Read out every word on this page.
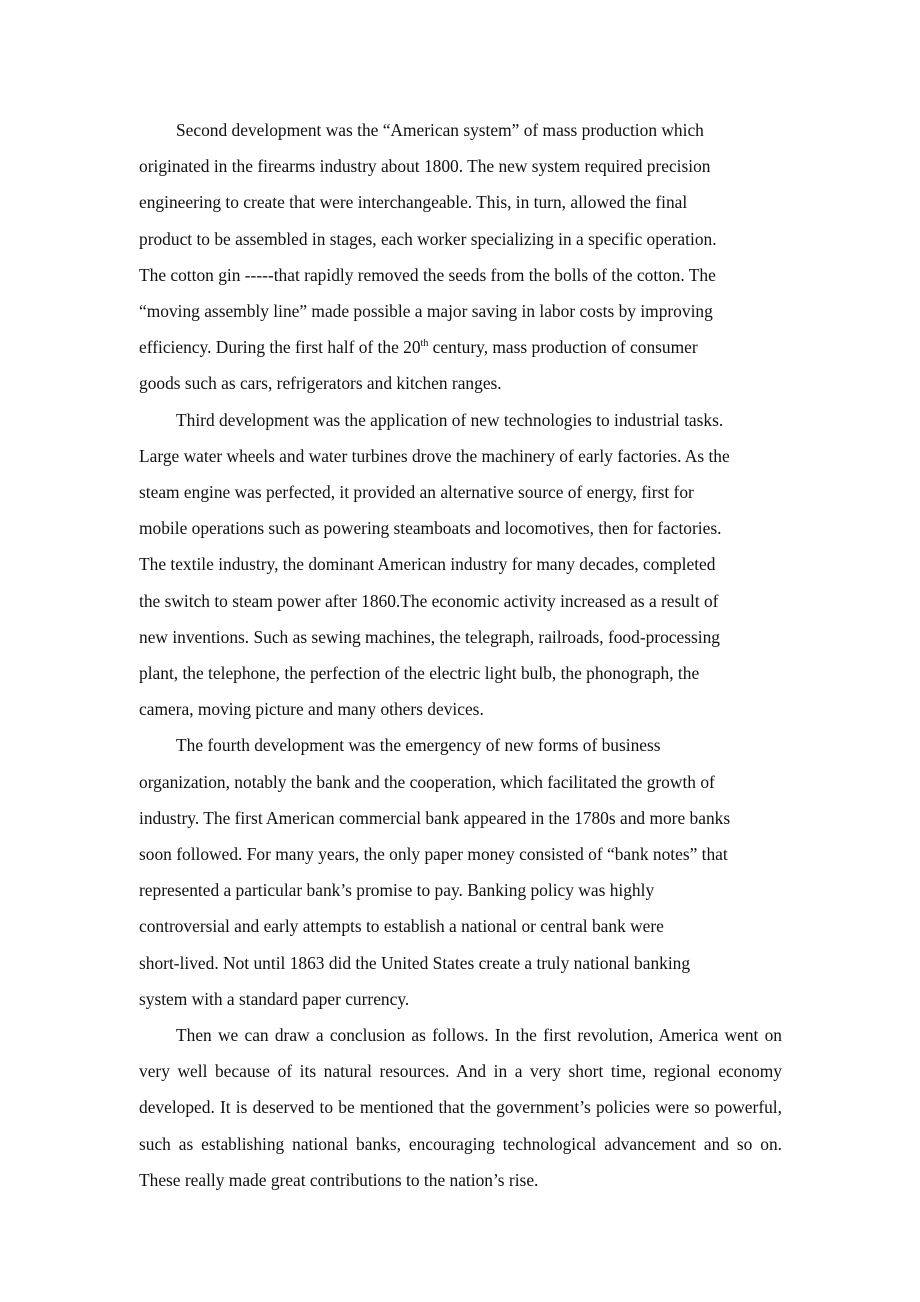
Second development was the “American system” of mass production which
originated in the firearms industry about 1800. The new system required precision
engineering to create that were interchangeable. This, in turn, allowed the final
product to be assembled in stages, each worker specializing in a specific operation.
The cotton gin -----that rapidly removed the seeds from the bolls of the cotton. The
“moving assembly line” made possible a major saving in labor costs by improving
efficiency. During the first half of the 20th century, mass production of consumer
goods such as cars, refrigerators and kitchen ranges.
Third development was the application of new technologies to industrial tasks.
Large water wheels and water turbines drove the machinery of early factories. As the
steam engine was perfected, it provided an alternative source of energy, first for
mobile operations such as powering steamboats and locomotives, then for factories.
The textile industry, the dominant American industry for many decades, completed
the switch to steam power after 1860.The economic activity increased as a result of
new inventions. Such as sewing machines, the telegraph, railroads, food-processing
plant, the telephone, the perfection of the electric light bulb, the phonograph, the
camera, moving picture and many others devices.
The fourth development was the emergency of new forms of business
organization, notably the bank and the cooperation, which facilitated the growth of
industry. The first American commercial bank appeared in the 1780s and more banks
soon followed. For many years, the only paper money consisted of “bank notes” that
represented a particular bank’s promise to pay. Banking policy was highly
controversial and early attempts to establish a national or central bank were
short-lived. Not until 1863 did the United States create a truly national banking
system with a standard paper currency.

Then we can draw a conclusion as follows. In the first revolution, America went on very well because of its natural resources. And in a very short time, regional economy developed. It is deserved to be mentioned that the government’s policies were so powerful, such as establishing national banks, encouraging technological advancement and so on. These really made great contributions to the nation’s rise.
